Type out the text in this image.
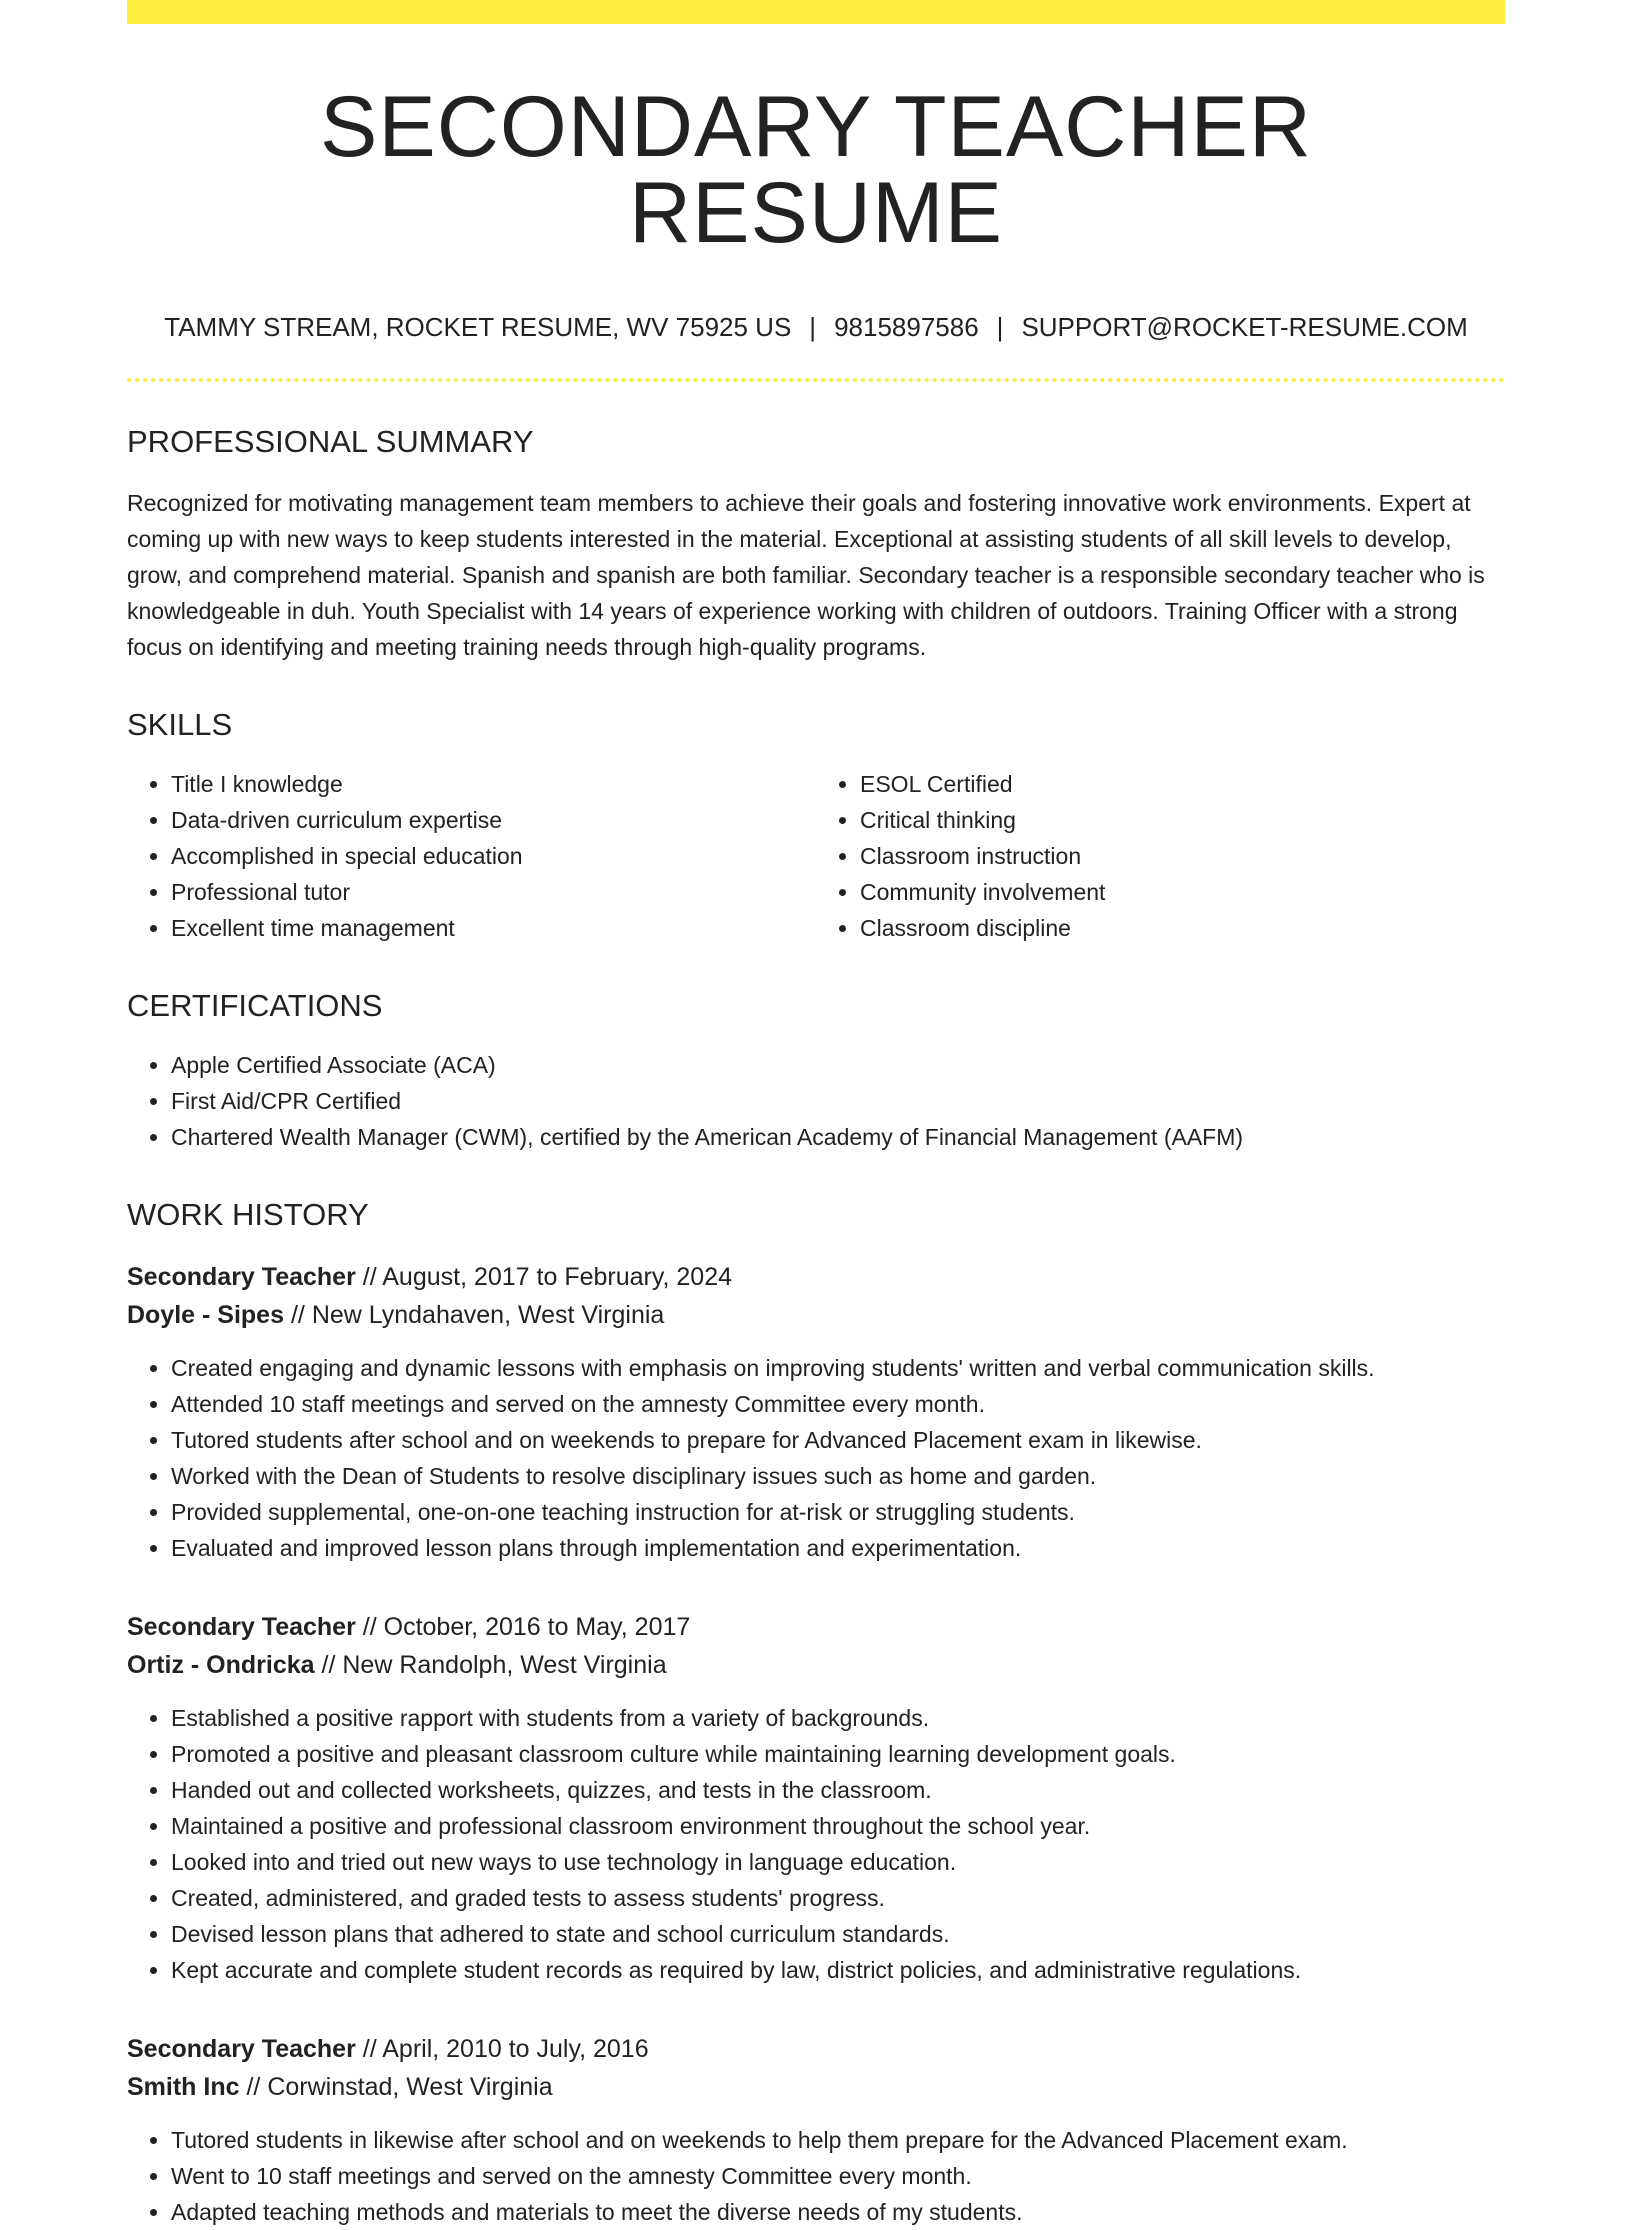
SECONDARY TEACHER RESUME
TAMMY STREAM, ROCKET RESUME, WV 75925 US | 9815897586 | SUPPORT@ROCKET-RESUME.COM
PROFESSIONAL SUMMARY

Recognized for motivating management team members to achieve their goals and fostering innovative work environments. Expert at coming up with new ways to keep students interested in the material. Exceptional at assisting students of all skill levels to develop, grow, and comprehend material. Spanish and spanish are both familiar. Secondary teacher is a responsible secondary teacher who is knowledgeable in duh. Youth Specialist with 14 years of experience working with children of outdoors. Training Officer with a strong focus on identifying and meeting training needs through high-quality programs.

SKILLS
• Title I knowledge
• Data-driven curriculum expertise
• Accomplished in special education
• Professional tutor
• Excellent time management
• ESOL Certified
• Critical thinking
• Classroom instruction
• Community involvement
• Classroom discipline
CERTIFICATIONS
• Apple Certified Associate (ACA)
• First Aid/CPR Certified
• Chartered Wealth Manager (CWM), certified by the American Academy of Financial Management (AAFM)
WORK HISTORY
Secondary Teacher // August, 2017 to February, 2024
Doyle - Sipes // New Lyndahaven, West Virginia
• Created engaging and dynamic lessons with emphasis on improving students' written and verbal communication skills.
• Attended 10 staff meetings and served on the amnesty Committee every month.
• Tutored students after school and on weekends to prepare for Advanced Placement exam in likewise.
• Worked with the Dean of Students to resolve disciplinary issues such as home and garden.
• Provided supplemental, one-on-one teaching instruction for at-risk or struggling students.
• Evaluated and improved lesson plans through implementation and experimentation.
Secondary Teacher // October, 2016 to May, 2017
Ortiz - Ondricka // New Randolph, West Virginia
• Established a positive rapport with students from a variety of backgrounds.
• Promoted a positive and pleasant classroom culture while maintaining learning development goals.
• Handed out and collected worksheets, quizzes, and tests in the classroom.
• Maintained a positive and professional classroom environment throughout the school year.
• Looked into and tried out new ways to use technology in language education.
• Created, administered, and graded tests to assess students' progress.
• Devised lesson plans that adhered to state and school curriculum standards.
• Kept accurate and complete student records as required by law, district policies, and administrative regulations.
Secondary Teacher // April, 2010 to July, 2016
Smith Inc // Corwinstad, West Virginia
• Tutored students in likewise after school and on weekends to help them prepare for the Advanced Placement exam.
• Went to 10 staff meetings and served on the amnesty Committee every month.
• Adapted teaching methods and materials to meet the diverse needs of my students.
